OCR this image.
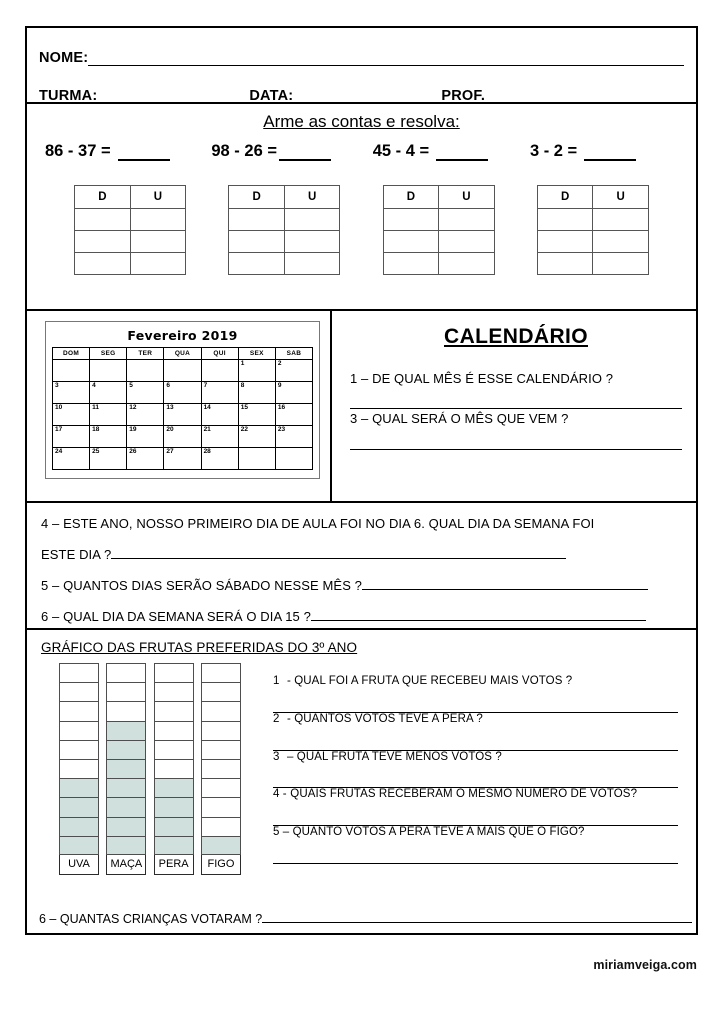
NOME:
TURMA:	DATA:	PROF.
Arme as contas e resolva:
86 - 37 =	98 - 26 =	45 - 4 =	3 - 2 =
D	U

		D	U

		D	U

		D	U

Fevereiro 2019
DOM	SEG	TER	QUA	QUI	SEX	SAB
					1	2
3	4	5	6	7	8	9
10	11	12	13	14	15	16
17	18	19	20	21	22	23
24	25	26	27	28		
CALENDÁRIO
1 – DE QUAL MÊS É ESSE CALENDÁRIO ?
3 – QUAL SERÁ O MÊS QUE VEM ?
4 – ESTE ANO, NOSSO PRIMEIRO DIA DE AULA FOI NO DIA 6. QUAL DIA DA SEMANA FOI
ESTE DIA ?
5 – QUANTOS DIAS SERÃO SÁBADO NESSE MÊS ?
6 – QUAL DIA DA SEMANA SERÁ O DIA 15 ?
GRÁFICO DAS FRUTAS PREFERIDAS DO 3º ANO
UVA	MAÇA	PERA	FIGO
1 - QUAL FOI A FRUTA QUE RECEBEU MAIS VOTOS ?
2 - QUANTOS VOTOS TEVE A PERA ?
3 – QUAL FRUTA TEVE MENOS VOTOS ?
4 - QUAIS FRUTAS RECEBERAM O MESMO NUMERO DE VOTOS?
5 – QUANTO VOTOS A PERA TEVE A MAIS QUE O FIGO?
6 – QUANTAS CRIANÇAS VOTARAM ?
miriamveiga.com
